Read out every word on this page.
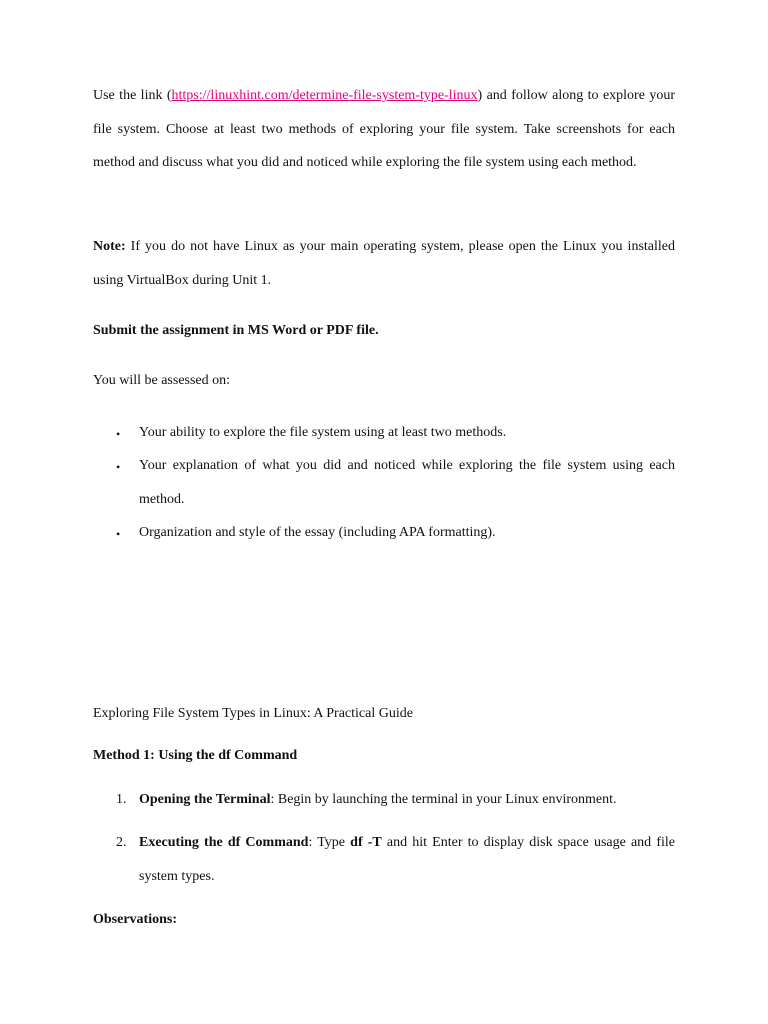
Use the link (https://linuxhint.com/determine-file-system-type-linux) and follow along to explore your file system. Choose at least two methods of exploring your file system. Take screenshots for each method and discuss what you did and noticed while exploring the file system using each method.

Note: If you do not have Linux as your main operating system, please open the Linux you installed using VirtualBox during Unit 1.

Submit the assignment in MS Word or PDF file.

You will be assessed on:

•	Your ability to explore the file system using at least two methods.

•	Your explanation of what you did and noticed while exploring the file system using each method.

•	Organization and style of the essay (including APA formatting).

Exploring File System Types in Linux: A Practical Guide

Method 1: Using the df Command

1. Opening the Terminal: Begin by launching the terminal in your Linux environment.

2. Executing the df Command: Type df -T and hit Enter to display disk space usage and file system types.

Observations:
